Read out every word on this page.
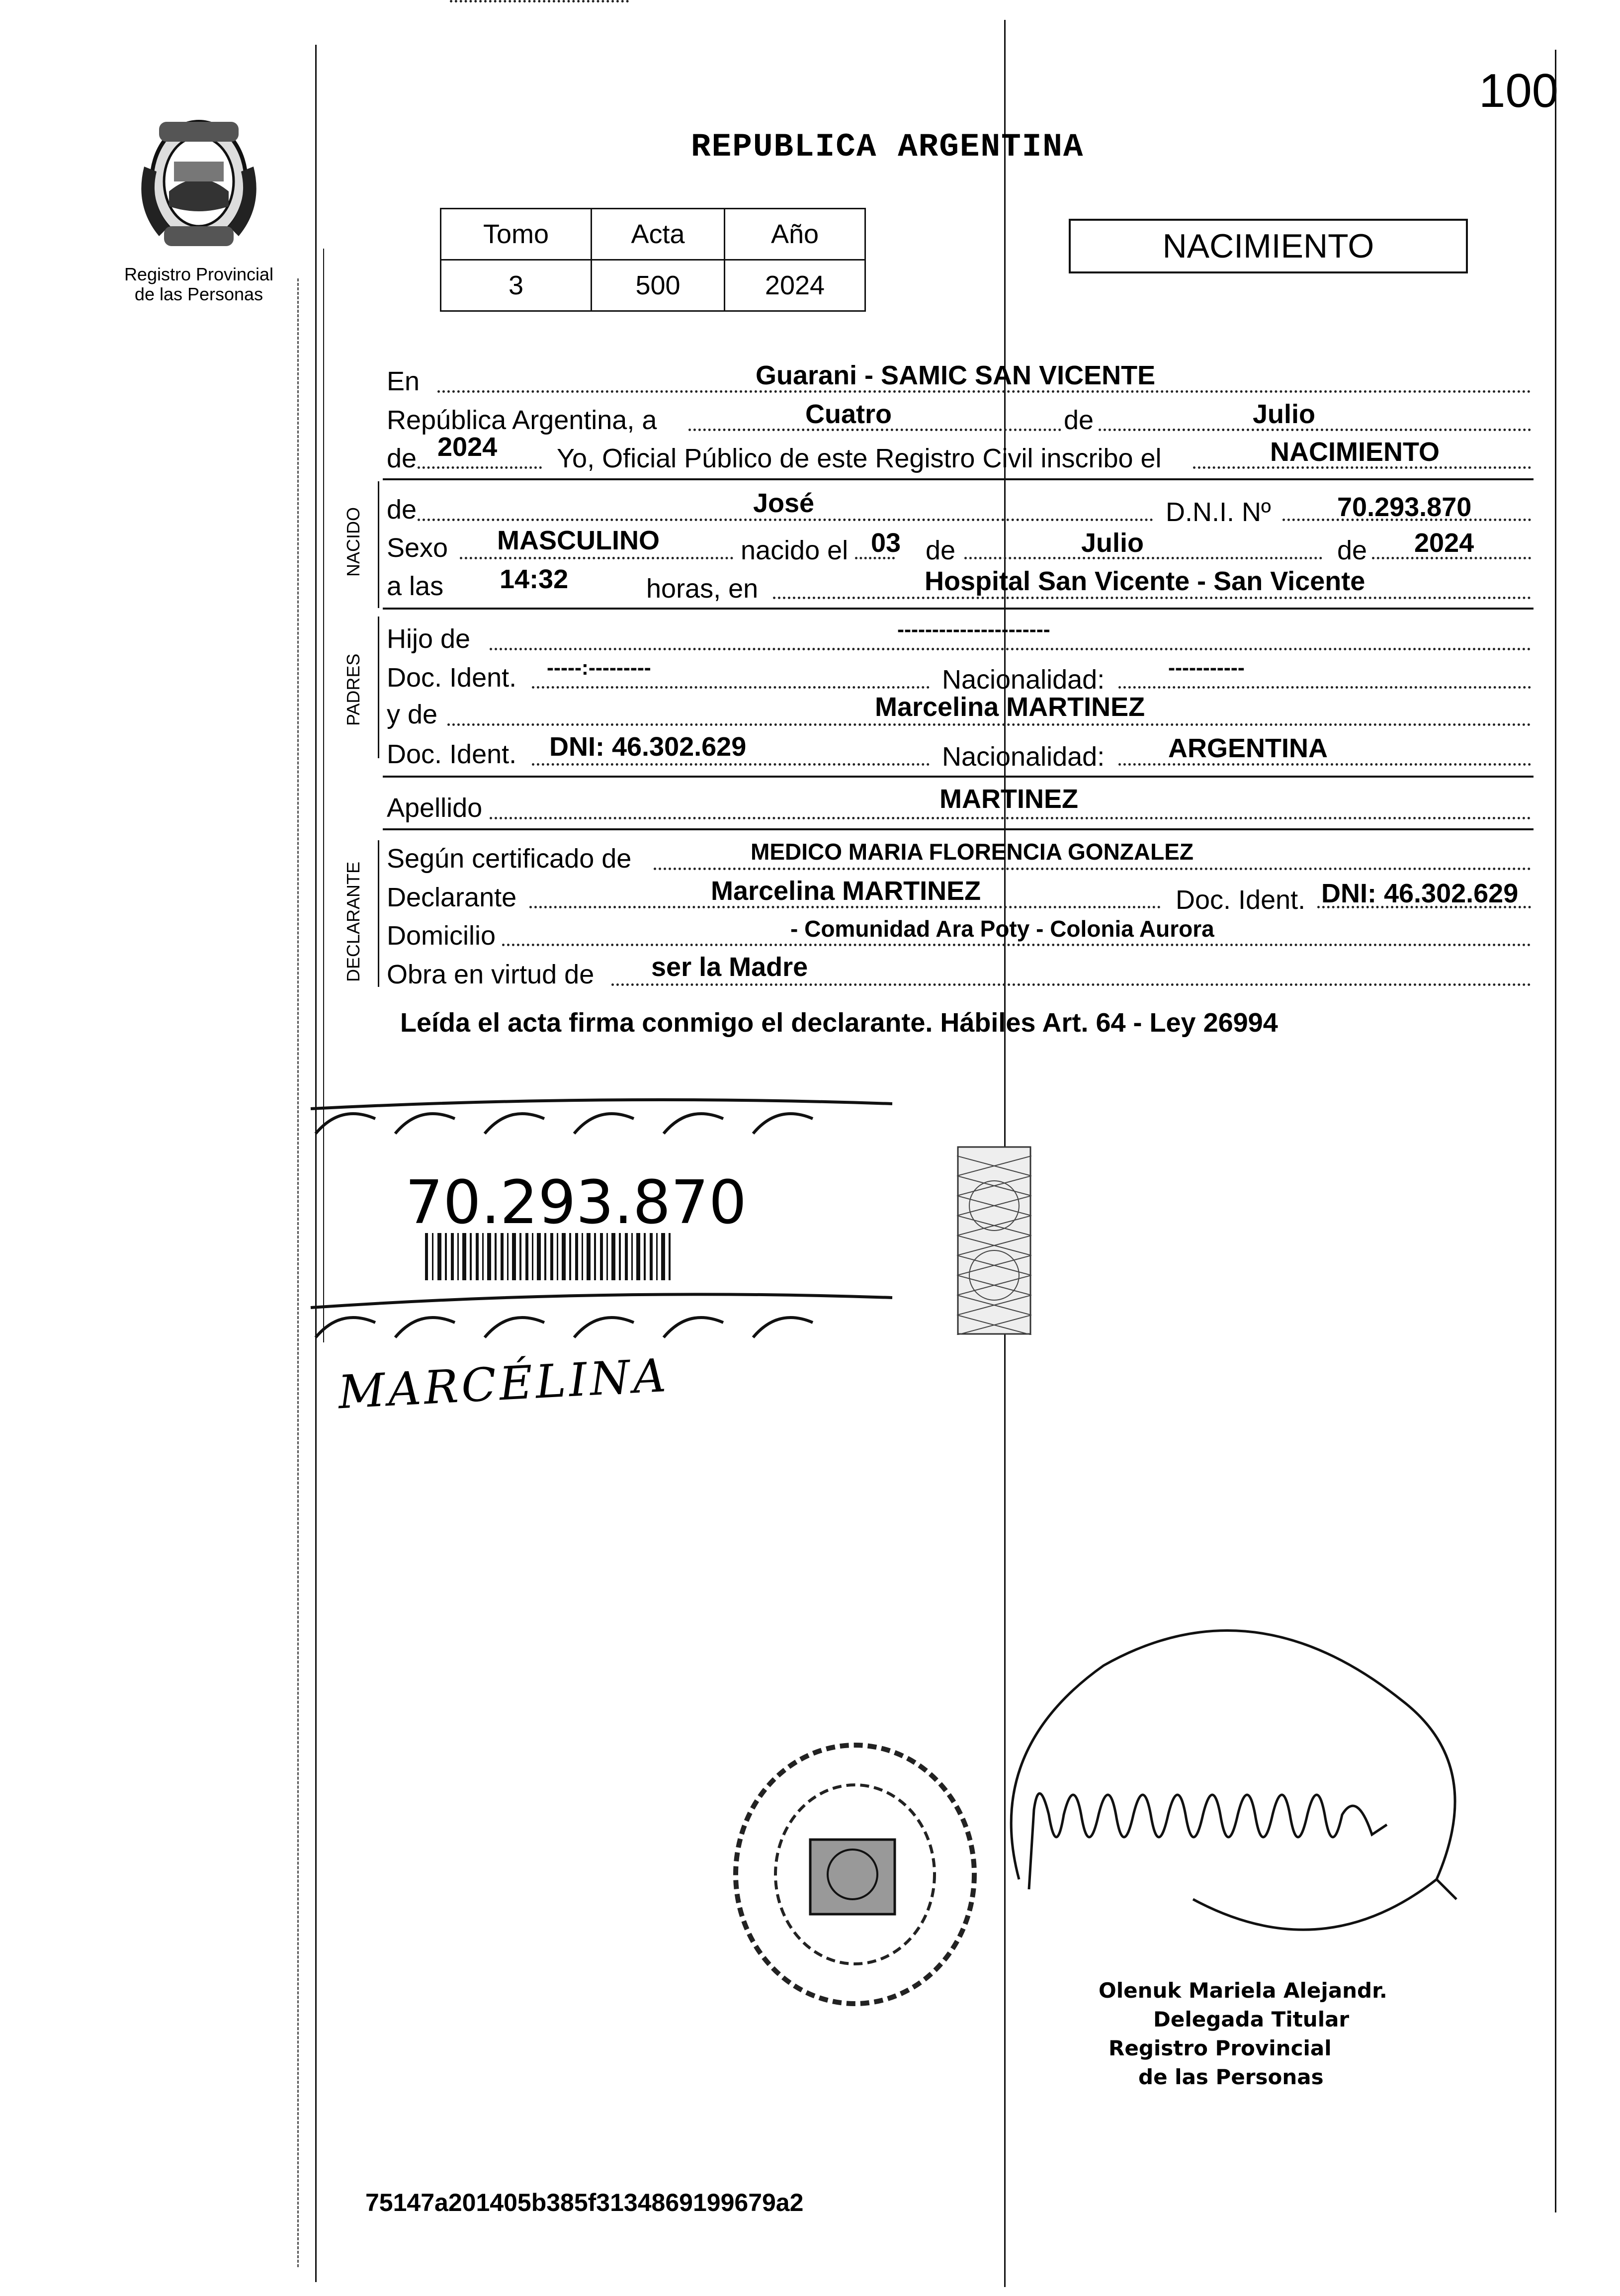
100
Registro Provincial
de las Personas
REPUBLICA ARGENTINA
Tomo	Acta	Año
3	500	2024
NACIMIENTO
En	Guarani - SAMIC SAN VICENTE
República Argentina, a	Cuatro	de	Julio
de 2024 Yo, Oficial Público de este Registro Civil inscribo el	NACIMIENTO
NACIDO de	José	D.N.I. Nº 70.293.870
Sexo MASCULINO	nacido el 03 de	Julio	de 2024
a las 14:32	horas, en	Hospital San Vicente - San Vicente
PADRES
Hijo de	----------------------
Doc. Ident. -----:---------	Nacionalidad:	-----------
y de	Marcelina MARTINEZ
Doc. Ident. DNI: 46.302.629	Nacionalidad: ARGENTINA
Apellido	MARTINEZ
DECLARANTE
Según certificado de	MEDICO MARIA FLORENCIA GONZALEZ
Declarante	Marcelina MARTINEZ	Doc. Ident. DNI: 46.302.629
Domicilio	- Comunidad Ara Poty - Colonia Aurora
Obra en virtud de ser la Madre
Leída el acta firma conmigo el declarante. Hábiles Art. 64 - Ley 26994
70.293.870
MARCÉLINA
Olenuk Mariela Alejandr.
Delegada Titular
Registro Provincial
de las Personas
75147a201405b385f3134869199679a2
